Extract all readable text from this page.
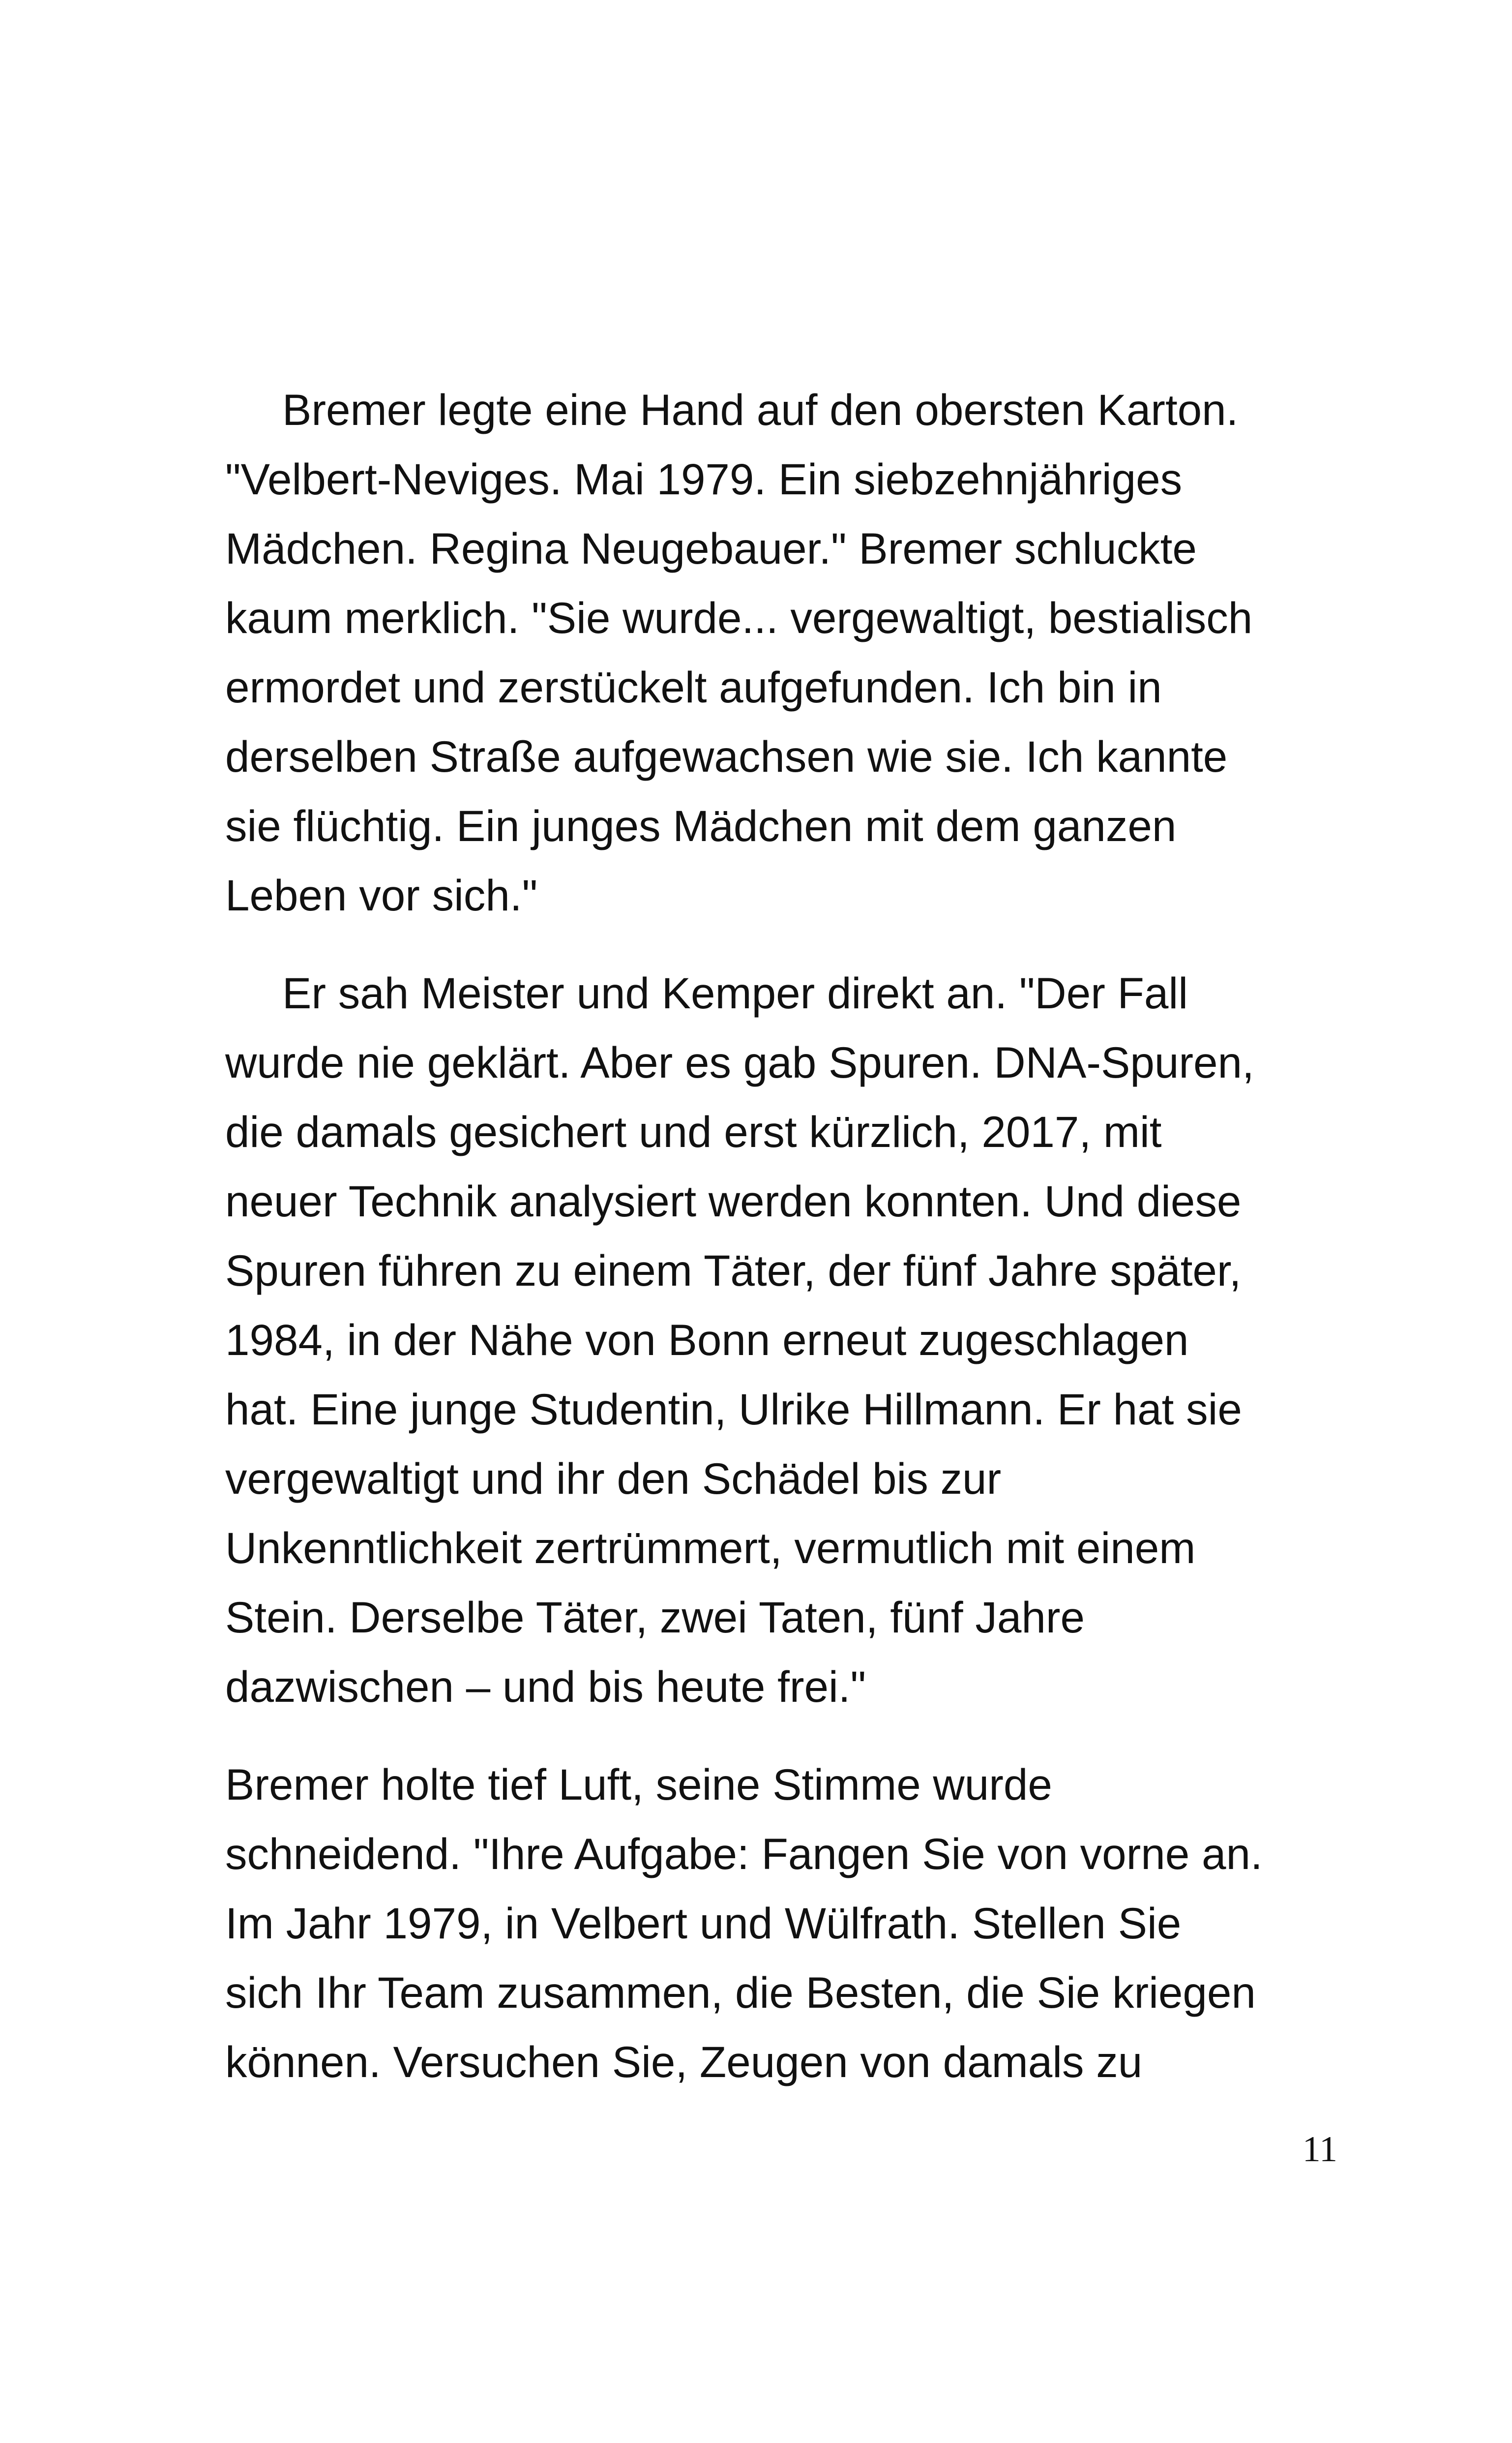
Bremer legte eine Hand auf den obersten Karton.
"Velbert-Neviges. Mai 1979. Ein siebzehnjähriges
Mädchen. Regina Neugebauer." Bremer schluckte
kaum merklich. "Sie wurde... vergewaltigt, bestialisch
ermordet und zerstückelt aufgefunden. Ich bin in
derselben Straße aufgewachsen wie sie. Ich kannte
sie flüchtig. Ein junges Mädchen mit dem ganzen
Leben vor sich."
Er sah Meister und Kemper direkt an. "Der Fall
wurde nie geklärt. Aber es gab Spuren. DNA-Spuren,
die damals gesichert und erst kürzlich, 2017, mit
neuer Technik analysiert werden konnten. Und diese
Spuren führen zu einem Täter, der fünf Jahre später,
1984, in der Nähe von Bonn erneut zugeschlagen
hat. Eine junge Studentin, Ulrike Hillmann. Er hat sie
vergewaltigt und ihr den Schädel bis zur
Unkenntlichkeit zertrümmert, vermutlich mit einem
Stein. Derselbe Täter, zwei Taten, fünf Jahre
dazwischen – und bis heute frei."
Bremer holte tief Luft, seine Stimme wurde
schneidend. "Ihre Aufgabe: Fangen Sie von vorne an.
Im Jahr 1979, in Velbert und Wülfrath. Stellen Sie
sich Ihr Team zusammen, die Besten, die Sie kriegen
können. Versuchen Sie, Zeugen von damals zu
11
